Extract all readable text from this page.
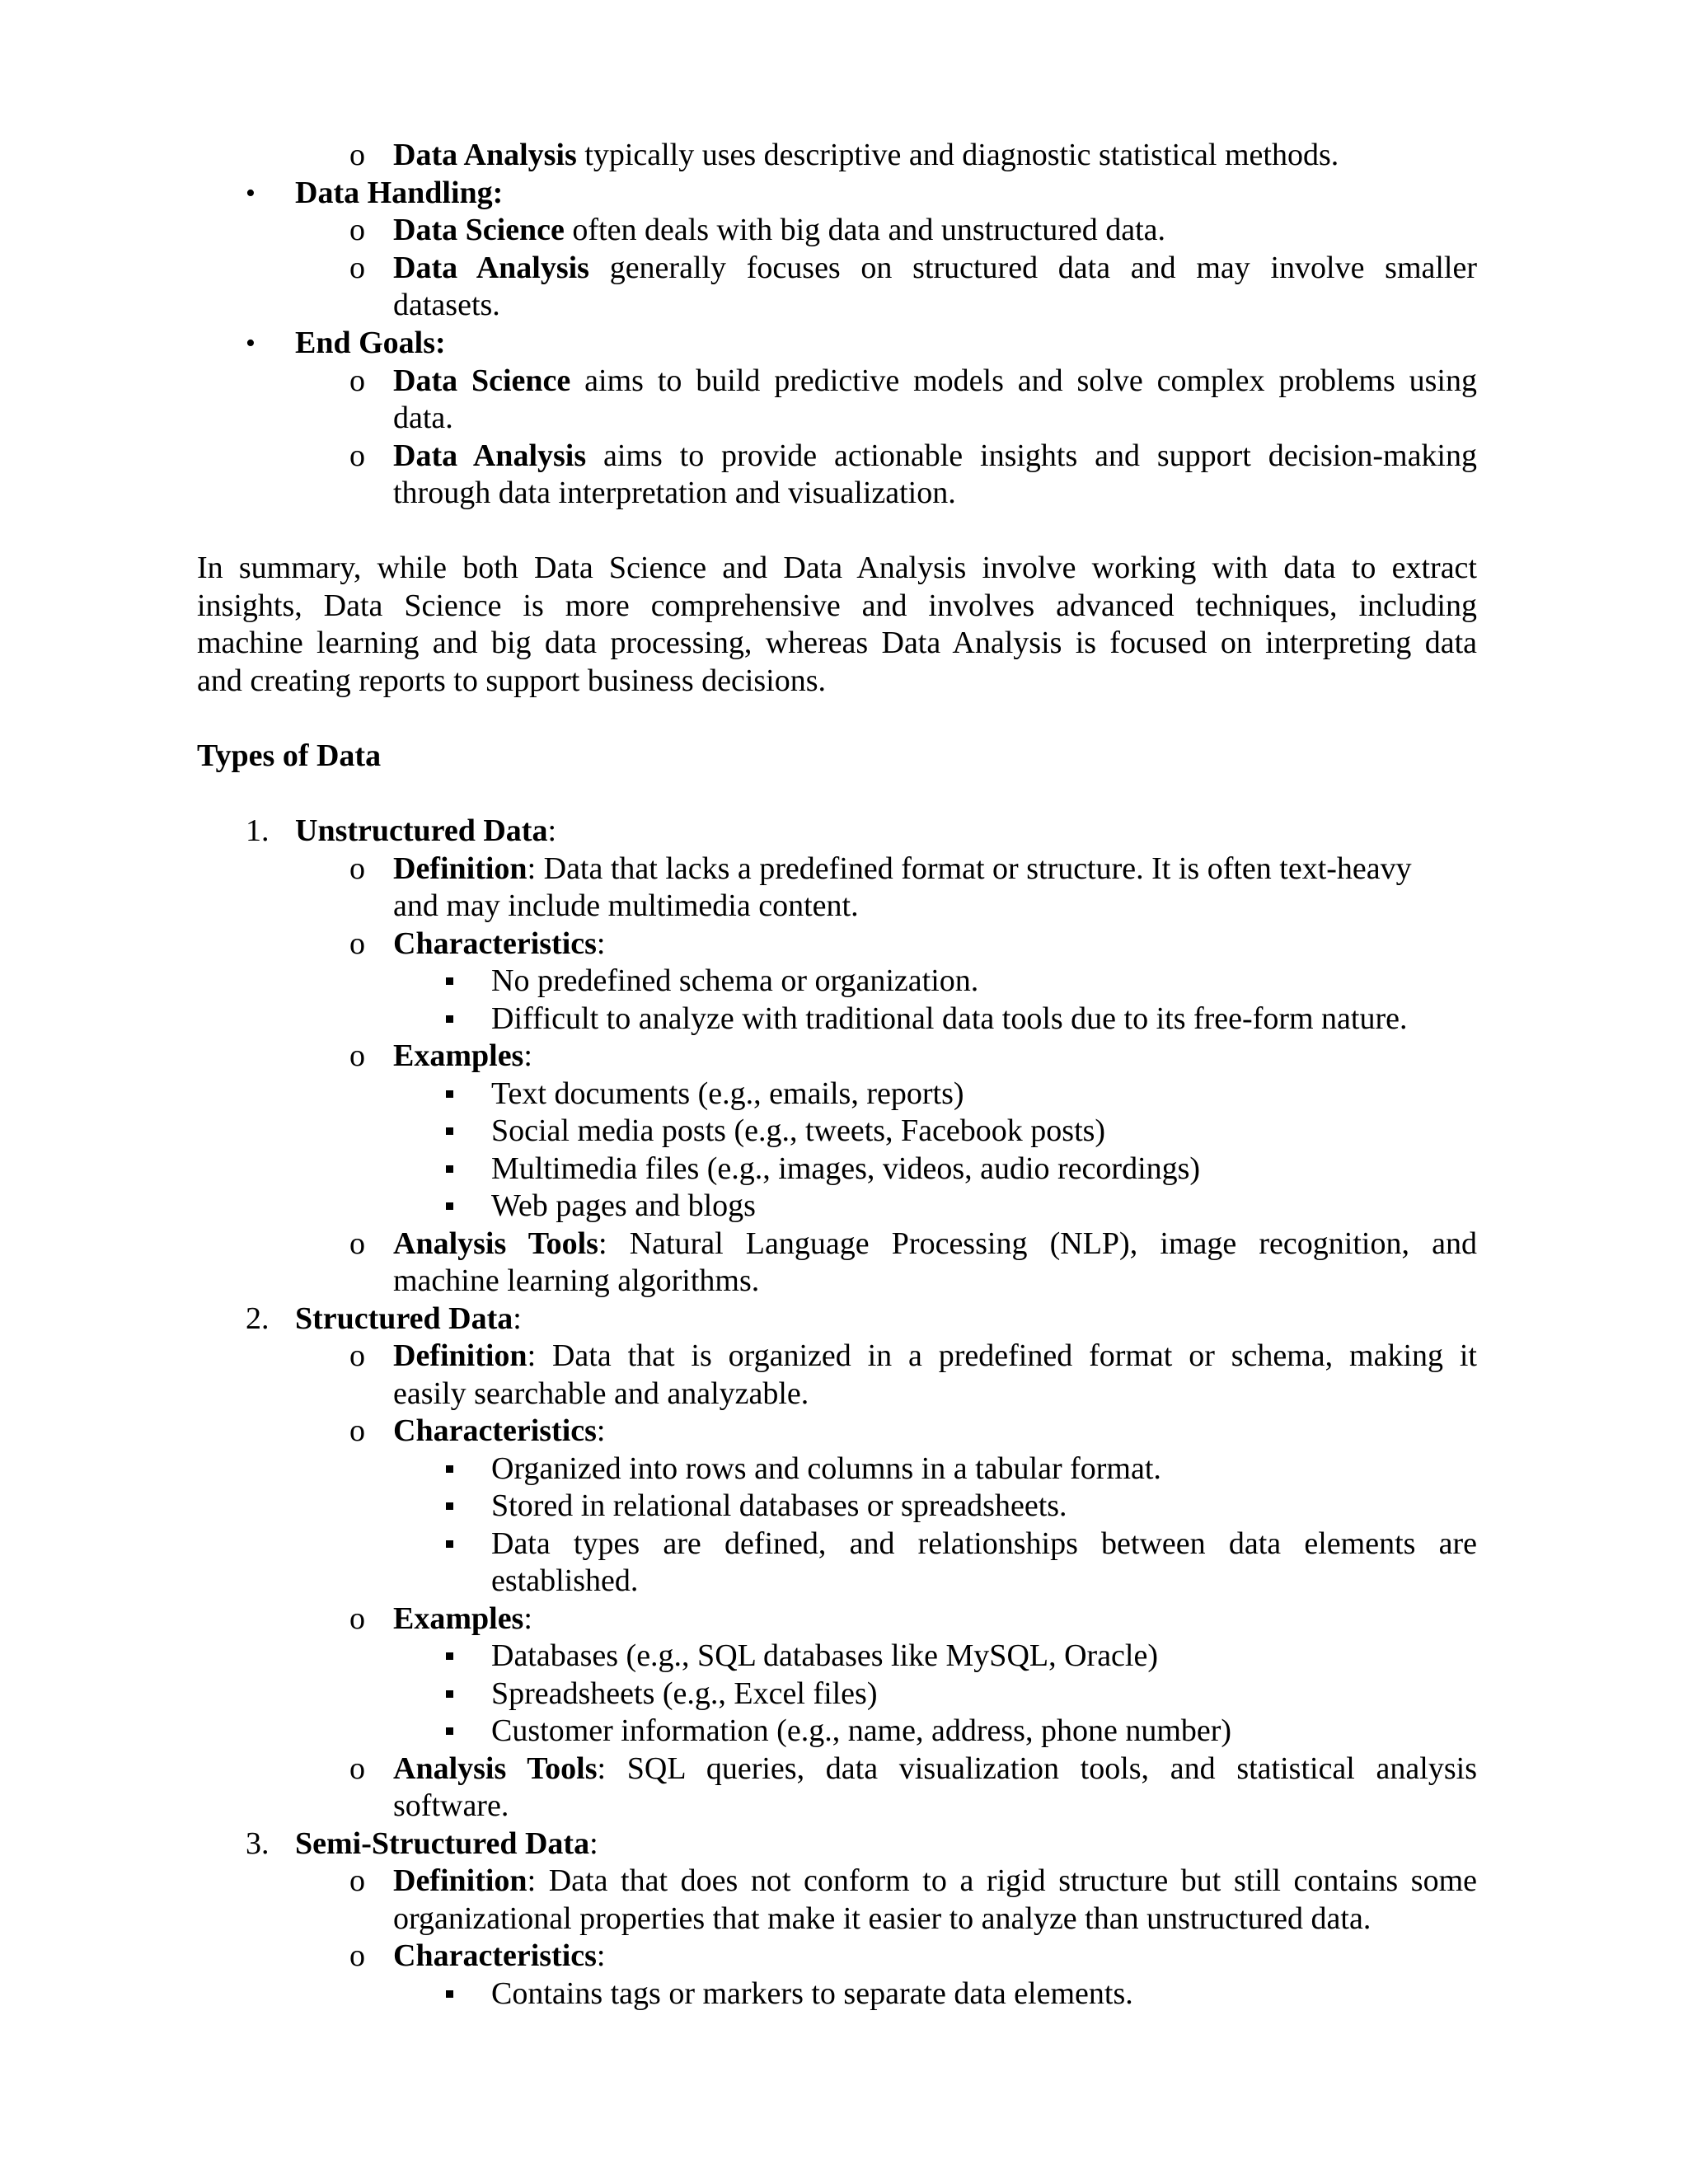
o Data Analysis typically uses descriptive and diagnostic statistical methods.
• Data Handling:
o Data Science often deals with big data and unstructured data.
o Data Analysis generally focuses on structured data and may involve smaller
datasets.
• End Goals:
o Data Science aims to build predictive models and solve complex problems using
data.
o Data Analysis aims to provide actionable insights and support decision-making
through data interpretation and visualization.
In summary, while both Data Science and Data Analysis involve working with data to extract
insights, Data Science is more comprehensive and involves advanced techniques, including
machine learning and big data processing, whereas Data Analysis is focused on interpreting data
and creating reports to support business decisions.
Types of Data
1. Unstructured Data:
o Definition: Data that lacks a predefined format or structure. It is often text-heavy
and may include multimedia content.
o Characteristics:
No predefined schema or organization.
Difficult to analyze with traditional data tools due to its free-form nature.
o Examples:
Text documents (e.g., emails, reports)
Social media posts (e.g., tweets, Facebook posts)
Multimedia files (e.g., images, videos, audio recordings)
Web pages and blogs
o Analysis Tools: Natural Language Processing (NLP), image recognition, and
machine learning algorithms.
2. Structured Data:
o Definition: Data that is organized in a predefined format or schema, making it
easily searchable and analyzable.
o Characteristics:
Organized into rows and columns in a tabular format.
Stored in relational databases or spreadsheets.
Data types are defined, and relationships between data elements are
established.
o Examples:
Databases (e.g., SQL databases like MySQL, Oracle)
Spreadsheets (e.g., Excel files)
Customer information (e.g., name, address, phone number)
o Analysis Tools: SQL queries, data visualization tools, and statistical analysis
software.
3. Semi-Structured Data:
o Definition: Data that does not conform to a rigid structure but still contains some
organizational properties that make it easier to analyze than unstructured data.
o Characteristics:
Contains tags or markers to separate data elements.
